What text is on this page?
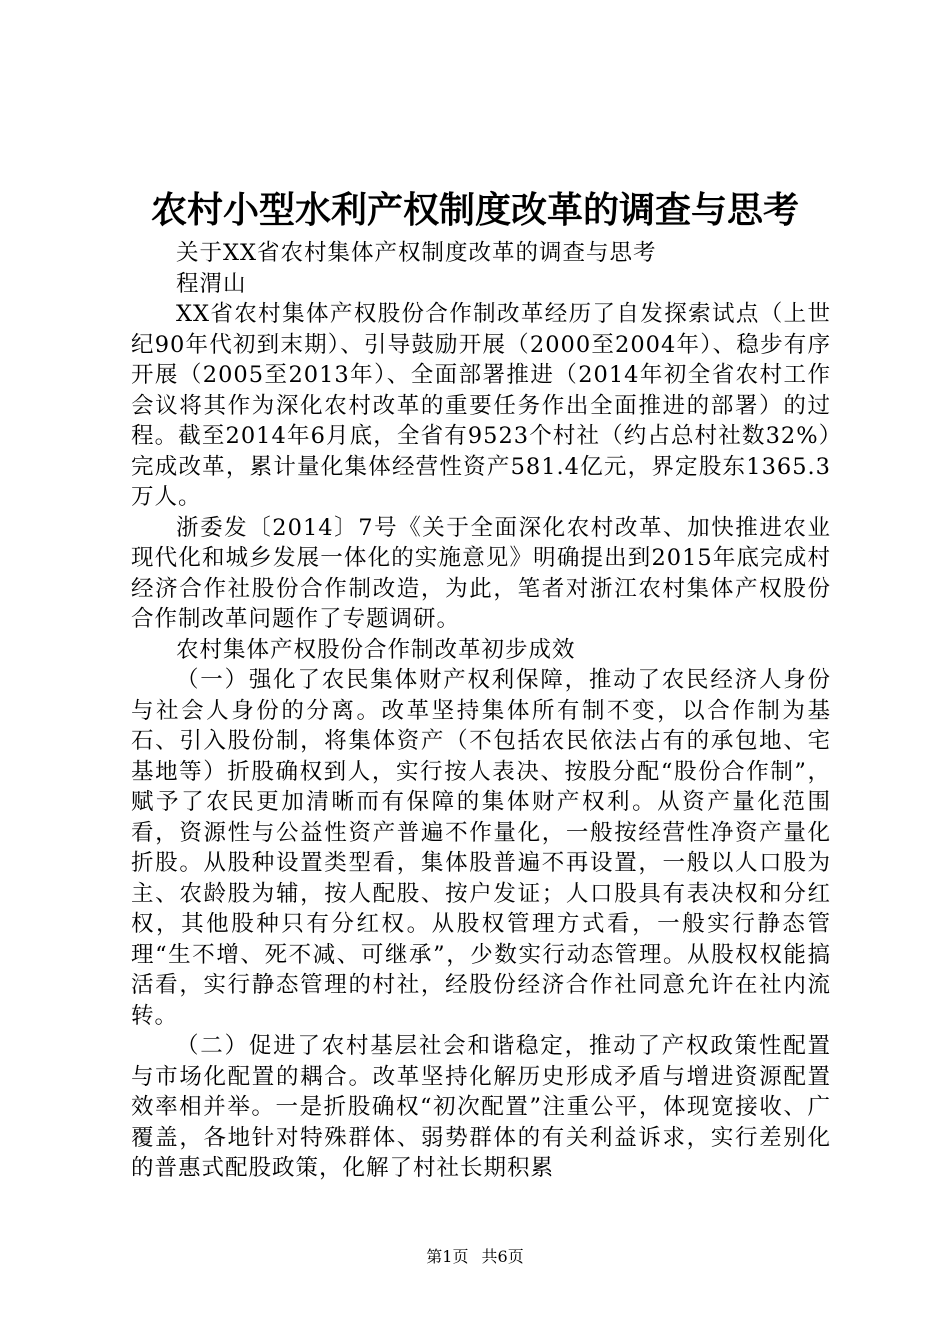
农村小型水利产权制度改革的调查与思考

关于XX省农村集体产权制度改革的调查与思考

程渭山

XX省农村集体产权股份合作制改革经历了自发探索试点（上世纪90年代初到末期）、引导鼓励开展（2000至2004年）、稳步有序开展（2005至2013年）、全面部署推进（2014年初全省农村工作会议将其作为深化农村改革的重要任务作出全面推进的部署）的过程。截至2014年6月底，全省有9523个村社（约占总村社数32%）完成改革，累计量化集体经营性资产581.4亿元，界定股东1365.3万人。

浙委发〔2014〕7号《关于全面深化农村改革、加快推进农业现代化和城乡发展一体化的实施意见》明确提出到2015年底完成村经济合作社股份合作制改造，为此，笔者对浙江农村集体产权股份合作制改革问题作了专题调研。

农村集体产权股份合作制改革初步成效

（一）强化了农民集体财产权利保障，推动了农民经济人身份与社会人身份的分离。改革坚持集体所有制不变，以合作制为基石、引入股份制，将集体资产（不包括农民依法占有的承包地、宅基地等）折股确权到人，实行按人表决、按股分配“股份合作制”，赋予了农民更加清晰而有保障的集体财产权利。从资产量化范围看，资源性与公益性资产普遍不作量化，一般按经营性净资产量化折股。从股种设置类型看，集体股普遍不再设置，一般以人口股为主、农龄股为辅，按人配股、按户发证；人口股具有表决权和分红权，其他股种只有分红权。从股权管理方式看，一般实行静态管理“生不增、死不减、可继承”，少数实行动态管理。从股权权能搞活看，实行静态管理的村社，经股份经济合作社同意允许在社内流转。

（二）促进了农村基层社会和谐稳定，推动了产权政策性配置与市场化配置的耦合。改革坚持化解历史形成矛盾与增进资源配置效率相并举。一是折股确权“初次配置”注重公平，体现宽接收、广覆盖，各地针对特殊群体、弱势群体的有关利益诉求，实行差别化的普惠式配股政策，化解了村社长期积累

第1页 共6页
